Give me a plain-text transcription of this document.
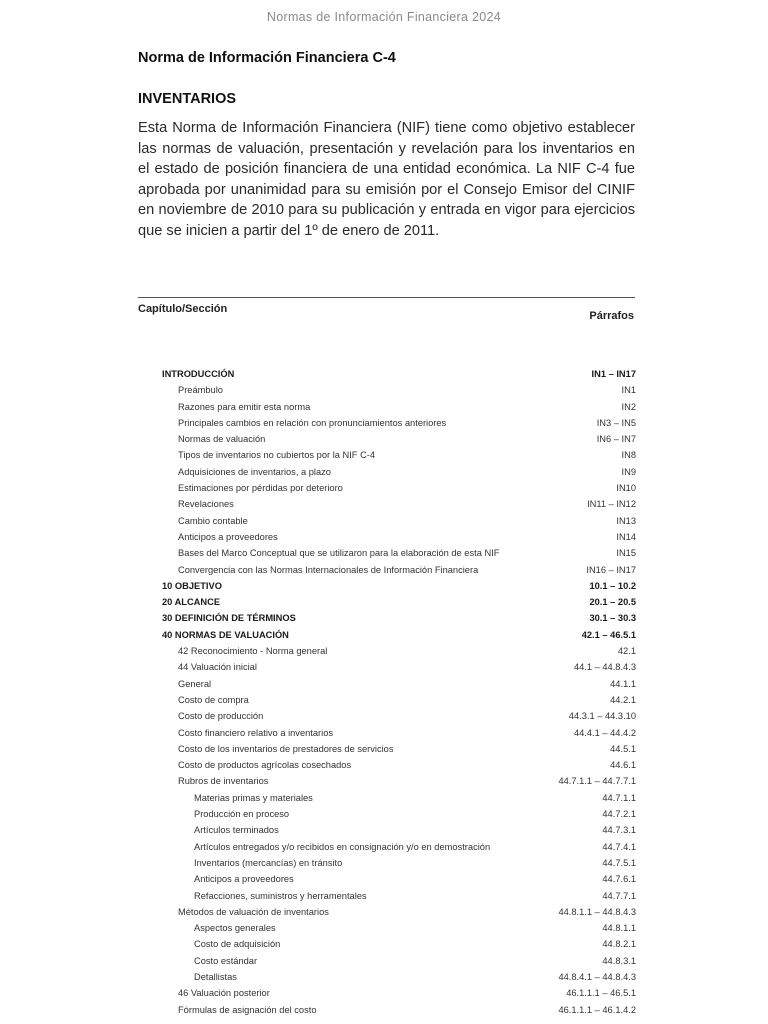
Normas de Información Financiera 2024
Norma de Información Financiera C-4
INVENTARIOS
Esta Norma de Información Financiera (NIF) tiene como objetivo establecer las normas de valuación, presentación y revelación para los inventarios en el estado de posición financiera de una entidad económica. La NIF C-4 fue aprobada por unanimidad para su emisión por el Consejo Emisor del CINIF en noviembre de 2010 para su publicación y entrada en vigor para ejercicios que se inicien a partir del 1º de enero de 2011.
Capítulo/Sección
Párrafos
INTRODUCCIÓN	IN1 – IN17
Preámbulo	IN1
Razones para emitir esta norma	IN2
Principales cambios en relación con pronunciamientos anteriores	IN3 – IN5
Normas de valuación	IN6 – IN7
Tipos de inventarios no cubiertos por la NIF C-4	IN8
Adquisiciones de inventarios, a plazo	IN9
Estimaciones por pérdidas por deterioro	IN10
Revelaciones	IN11 – IN12
Cambio contable	IN13
Anticipos a proveedores	IN14
Bases del Marco Conceptual que se utilizaron para la elaboración de esta NIF	IN15
Convergencia con las Normas Internacionales de Información Financiera	IN16 – IN17
10 OBJETIVO	10.1 – 10.2
20 ALCANCE	20.1 – 20.5
30 DEFINICIÓN DE TÉRMINOS	30.1 – 30.3
40 NORMAS DE VALUACIÓN	42.1 – 46.5.1
42 Reconocimiento - Norma general	42.1
44 Valuación inicial	44.1 – 44.8.4.3
General	44.1.1
Costo de compra	44.2.1
Costo de producción	44.3.1 – 44.3.10
Costo financiero relativo a inventarios	44.4.1 – 44.4.2
Costo de los inventarios de prestadores de servicios	44.5.1
Costo de productos agrícolas cosechados	44.6.1
Rubros de inventarios	44.7.1.1 – 44.7.7.1
Materias primas y materiales	44.7.1.1
Producción en proceso	44.7.2.1
Artículos terminados	44.7.3.1
Artículos entregados y/o recibidos en consignación y/o en demostración	44.7.4.1
Inventarios (mercancías) en tránsito	44.7.5.1
Anticipos a proveedores	44.7.6.1
Refacciones, suministros y herramentales	44.7.7.1
Métodos de valuación de inventarios	44.8.1.1 – 44.8.4.3
Aspectos generales	44.8.1.1
Costo de adquisición	44.8.2.1
Costo estándar	44.8.3.1
Detallistas	44.8.4.1 – 44.8.4.3
46 Valuación posterior	46.1.1.1 – 46.5.1
Fórmulas de asignación del costo	46.1.1.1 – 46.1.4.2
